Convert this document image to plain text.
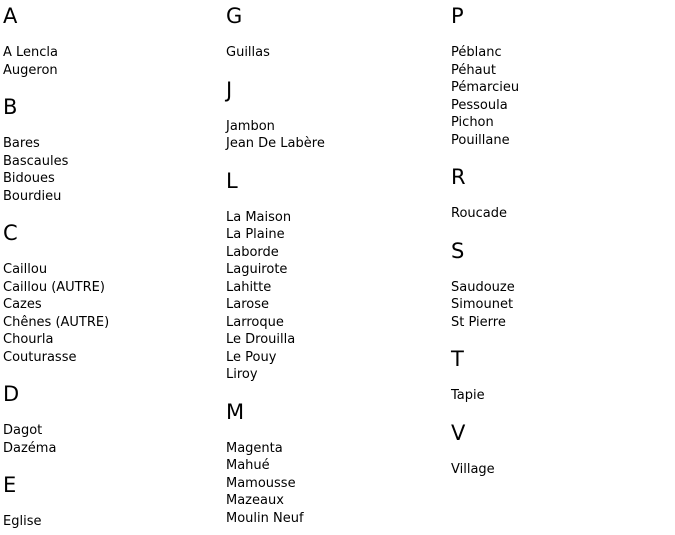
A
A Lencla
Augeron
B
Bares
Bascaules
Bidoues
Bourdieu
C
Caillou
Caillou (AUTRE)
Cazes
Chênes (AUTRE)
Chourla
Couturasse
D
Dagot
Dazéma
E
Eglise
G
Guillas
J
Jambon
Jean De Labère
L
La Maison
La Plaine
Laborde
Laguirote
Lahitte
Larose
Larroque
Le Drouilla
Le Pouy
Liroy
M
Magenta
Mahué
Mamousse
Mazeaux
Moulin Neuf
P
Péblanc
Péhaut
Pémarcieu
Pessoula
Pichon
Pouillane
R
Roucade
S
Saudouze
Simounet
St Pierre
T
Tapie
V
Village
